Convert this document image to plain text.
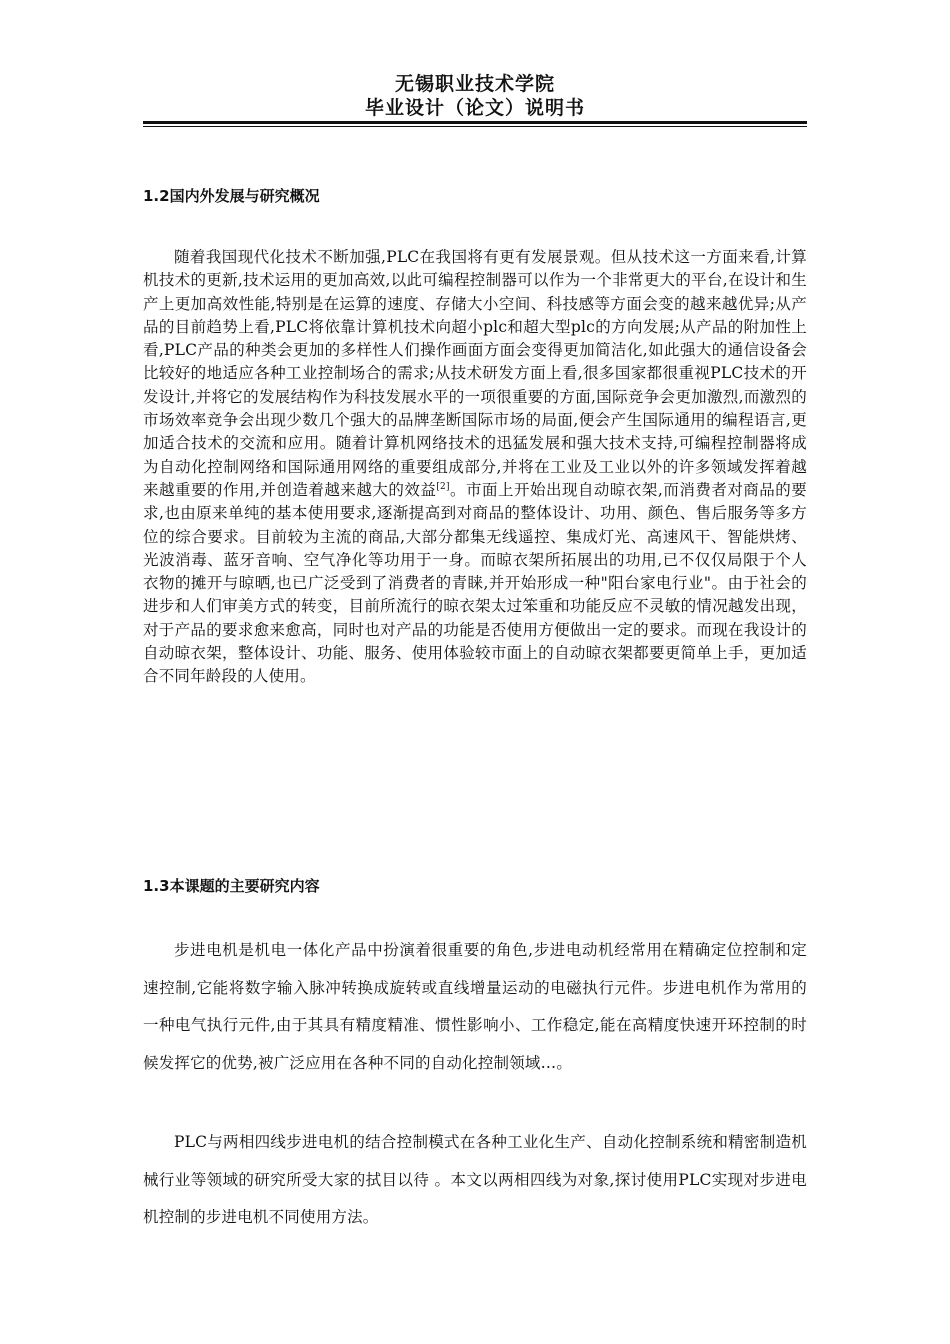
无锡职业技术学院
毕业设计（论文）说明书
1.2国内外发展与研究概况

随着我国现代化技术不断加强,PLC在我国将有更有发展景观。但从技术这一方面来看,计算机技术的更新,技术运用的更加高效,以此可编程控制器可以作为一个非常更大的平台,在设计和生产上更加高效性能,特别是在运算的速度、存储大小空间、科技感等方面会变的越来越优异;从产品的目前趋势上看,PLC将依靠计算机技术向超小plc和超大型plc的方向发展;从产品的附加性上看,PLC产品的种类会更加的多样性人们操作画面方面会变得更加简洁化,如此强大的通信设备会比较好的地适应各种工业控制场合的需求;从技术研发方面上看,很多国家都很重视PLC技术的开发设计,并将它的发展结构作为科技发展水平的一项很重要的方面,国际竞争会更加激烈,而激烈的市场效率竞争会出现少数几个强大的品牌垄断国际市场的局面,便会产生国际通用的编程语言,更加适合技术的交流和应用。随着计算机网络技术的迅猛发展和强大技术支持,可编程控制器将成为自动化控制网络和国际通用网络的重要组成部分,并将在工业及工业以外的许多领域发挥着越来越重要的作用,并创造着越来越大的效益[2]。市面上开始出现自动晾衣架,而消费者对商品的要求,也由原来单纯的基本使用要求,逐渐提高到对商品的整体设计、功用、颜色、售后服务等多方位的综合要求。目前较为主流的商品,大部分都集无线遥控、集成灯光、高速风干、智能烘烤、光波消毒、蓝牙音响、空气净化等功用于一身。而晾衣架所拓展出的功用,已不仅仅局限于个人衣物的摊开与晾晒,也已广泛受到了消费者的青睐,并开始形成一种"阳台家电行业"。由于社会的进步和人们审美方式的转变，目前所流行的晾衣架太过笨重和功能反应不灵敏的情况越发出现，对于产品的要求愈来愈高，同时也对产品的功能是否使用方便做出一定的要求。而现在我设计的自动晾衣架，整体设计、功能、服务、使用体验较市面上的自动晾衣架都要更简单上手，更加适合不同年龄段的人使用。

1.3本课题的主要研究内容

步进电机是机电一体化产品中扮演着很重要的角色,步进电动机经常用在精确定位控制和定速控制,它能将数字输入脉冲转换成旋转或直线增量运动的电磁执行元件。步进电机作为常用的一种电气执行元件,由于其具有精度精准、惯性影响小、工作稳定,能在高精度快速开环控制的时候发挥它的优势,被广泛应用在各种不同的自动化控制领域…。

PLC与两相四线步进电机的结合控制模式在各种工业化生产、自动化控制系统和精密制造机械行业等领域的研究所受大家的拭目以待 。本文以两相四线为对象,探讨使用PLC实现对步进电机控制的步进电机不同使用方法。
